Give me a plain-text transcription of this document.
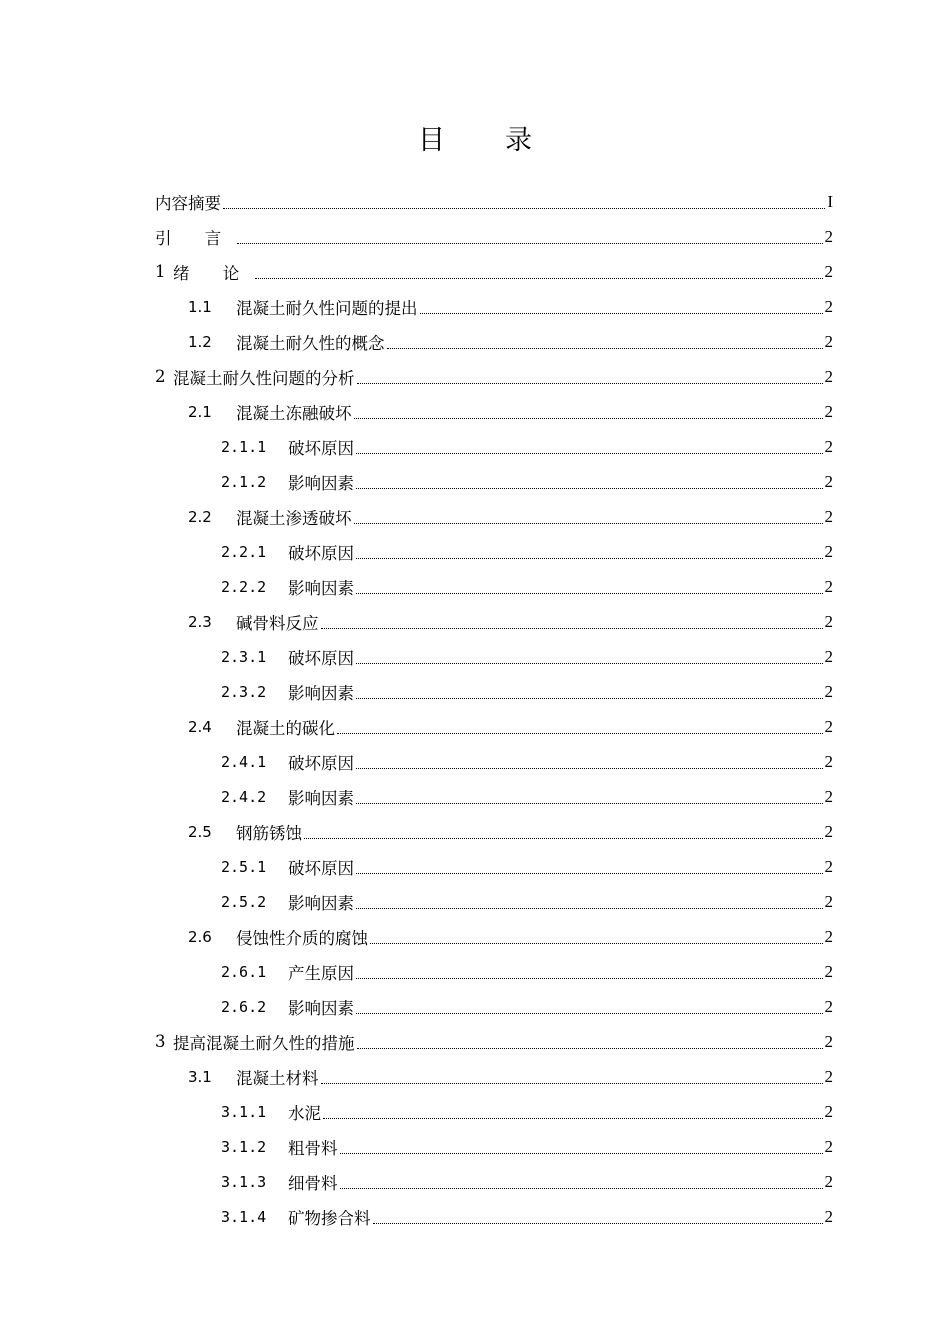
目 录
内容摘要	I
引 言	2
1 绪 论	2
1.1	混凝土耐久性问题的提出	2
1.2	混凝土耐久性的概念	2
2 混凝土耐久性问题的分析	2
2.1	混凝土冻融破坏	2
2.1.1	破坏原因	2
2.1.2	影响因素	2
2.2	混凝土渗透破坏	2
2.2.1	破坏原因	2
2.2.2	影响因素	2
2.3	碱骨料反应	2
2.3.1	破坏原因	2
2.3.2	影响因素	2
2.4	混凝土的碳化	2
2.4.1	破坏原因	2
2.4.2	影响因素	2
2.5	钢筋锈蚀	2
2.5.1	破坏原因	2
2.5.2	影响因素	2
2.6	侵蚀性介质的腐蚀	2
2.6.1	产生原因	2
2.6.2	影响因素	2
3 提高混凝土耐久性的措施	2
3.1	混凝土材料	2
3.1.1	水泥	2
3.1.2	粗骨料	2
3.1.3	细骨料	2
3.1.4	矿物掺合料	2
